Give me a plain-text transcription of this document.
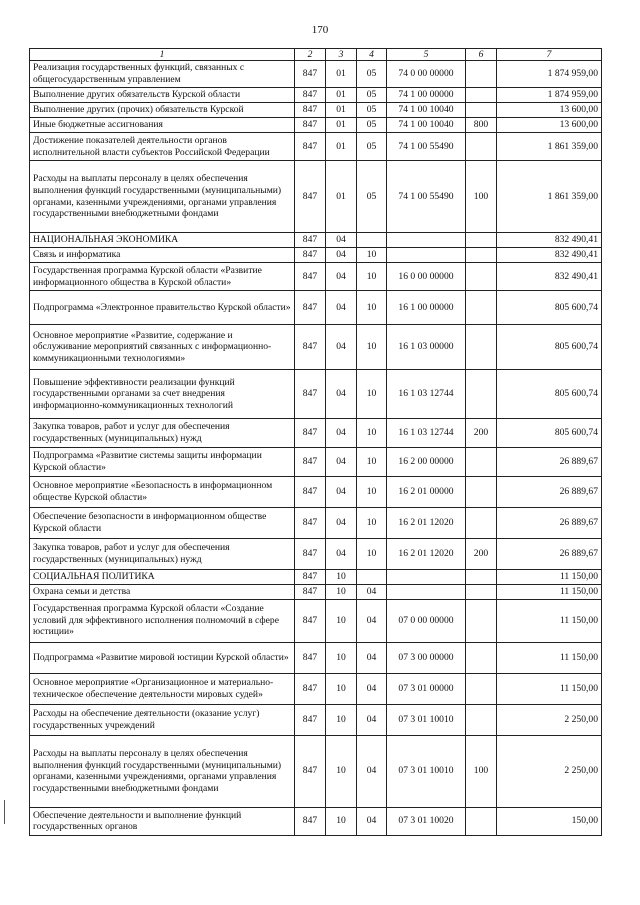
170
1	2	3	4	5	6	7
Реализация государственных функций, связанных с общегосударственным управлением	847	01	05	74 0 00 00000		1 874 959,00
Выполнение других обязательств Курской области	847	01	05	74 1 00 00000		1 874 959,00
Выполнение других (прочих) обязательств Курской	847	01	05	74 1 00 10040		13 600,00
Иные бюджетные ассигнования	847	01	05	74 1 00 10040	800	13 600,00
Достижение показателей деятельности органов исполнительной власти субъектов Российской Федерации	847	01	05	74 1 00 55490		1 861 359,00
Расходы на выплаты персоналу в целях обеспечения выполнения функций государственными (муниципальными) органами, казенными учреждениями, органами управления государственными внебюджетными фондами	847	01	05	74 1 00 55490	100	1 861 359,00
НАЦИОНАЛЬНАЯ ЭКОНОМИКА	847	04				832 490,41
Связь и информатика	847	04	10			832 490,41
Государственная программа Курской области «Развитие информационного общества в Курской области»	847	04	10	16 0 00 00000		832 490,41
Подпрограмма «Электронное правительство Курской области»	847	04	10	16 1 00 00000		805 600,74
Основное мероприятие «Развитие, содержание и обслуживание мероприятий связанных с информационно-коммуникационными технологиями»	847	04	10	16 1 03 00000		805 600,74
Повышение эффективности реализации функций государственными органами за счет внедрения информационно-коммуникационных технологий	847	04	10	16 1 03 12744		805 600,74
Закупка товаров, работ и услуг для обеспечения государственных (муниципальных) нужд	847	04	10	16 1 03 12744	200	805 600,74
Подпрограмма «Развитие системы защиты информации Курской области»	847	04	10	16 2 00 00000		26 889,67
Основное мероприятие «Безопасность в информационном обществе Курской области»	847	04	10	16 2 01 00000		26 889,67
Обеспечение безопасности в информационном обществе Курской области	847	04	10	16 2 01 12020		26 889,67
Закупка товаров, работ и услуг для обеспечения государственных (муниципальных) нужд	847	04	10	16 2 01 12020	200	26 889,67
СОЦИАЛЬНАЯ ПОЛИТИКА	847	10				11 150,00
Охрана семьи и детства	847	10	04			11 150,00
Государственная программа Курской области «Создание условий для эффективного исполнения полномочий в сфере юстиции»	847	10	04	07 0 00 00000		11 150,00
Подпрограмма «Развитие мировой юстиции Курской области»	847	10	04	07 3 00 00000		11 150,00
Основное мероприятие «Организационное и материально-техническое обеспечение деятельности мировых судей»	847	10	04	07 3 01 00000		11 150,00
Расходы на обеспечение деятельности (оказание услуг) государственных учреждений	847	10	04	07 3 01 10010		2 250,00
Расходы на выплаты персоналу в целях обеспечения выполнения функций государственными (муниципальными) органами, казенными учреждениями, органами управления государственными внебюджетными фондами	847	10	04	07 3 01 10010	100	2 250,00
Обеспечение деятельности и выполнение функций государственных органов	847	10	04	07 3 01 10020		150,00
